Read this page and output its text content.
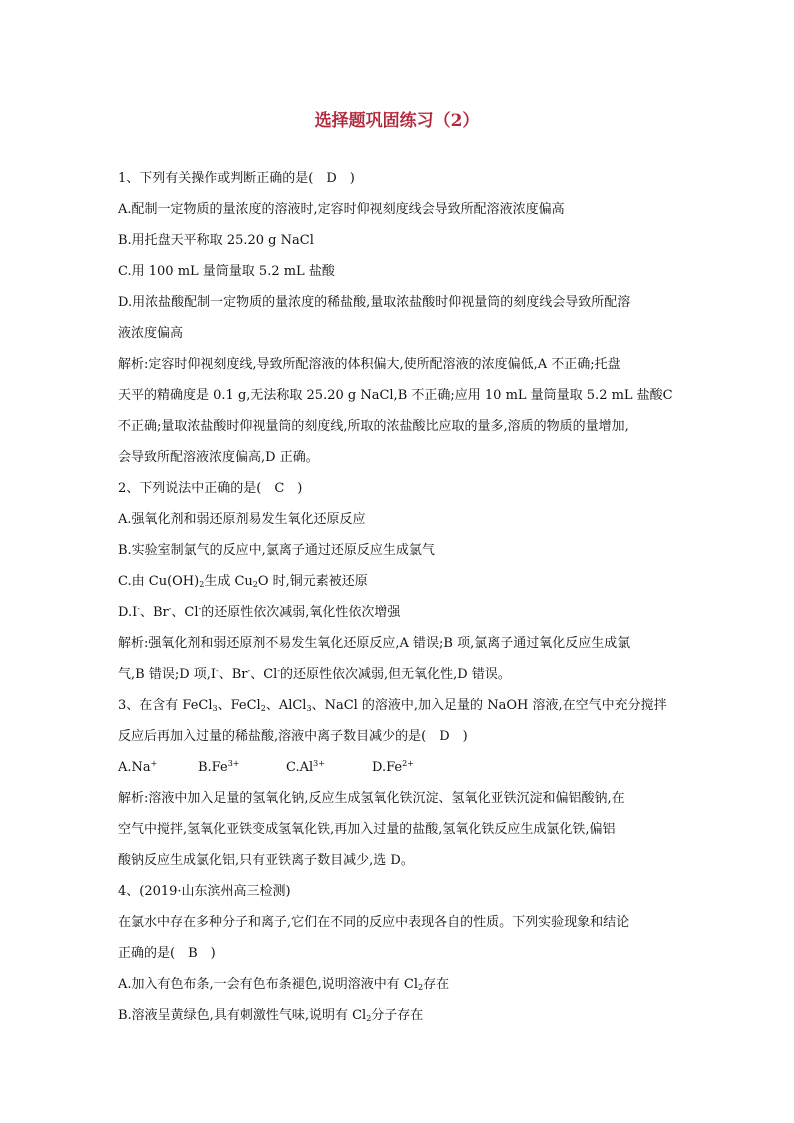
选择题巩固练习（2）

1、下列有关操作或判断正确的是(　D　)

A.配制一定物质的量浓度的溶液时,定容时仰视刻度线会导致所配溶液浓度偏高

B.用托盘天平称取 25.20 g NaCl

C.用 100 mL 量筒量取 5.2 mL 盐酸

D.用浓盐酸配制一定物质的量浓度的稀盐酸,量取浓盐酸时仰视量筒的刻度线会导致所配溶

液浓度偏高

解析:定容时仰视刻度线,导致所配溶液的体积偏大,使所配溶液的浓度偏低,A 不正确;托盘

天平的精确度是 0.1 g,无法称取 25.20 g NaCl,B 不正确;应用 10 mL 量筒量取 5.2 mL 盐酸C

不正确;量取浓盐酸时仰视量筒的刻度线,所取的浓盐酸比应取的量多,溶质的物质的量增加,

会导致所配溶液浓度偏高,D 正确。

2、下列说法中正确的是(　C　)

A.强氧化剂和弱还原剂易发生氧化还原反应

B.实验室制氯气的反应中,氯离子通过还原反应生成氯气

C.由 $Cu(OH)_2$生成 $Cu_2O$ 时,铜元素被还原

D.I-、Br-、Cl-的还原性依次减弱,氧化性依次增强

解析:强氧化剂和弱还原剂不易发生氧化还原反应,A 错误;B 项,氯离子通过氧化反应生成氯

气,B 错误;D 项,I-、Br-、Cl-的还原性依次减弱,但无氧化性,D 错误。

3、在含有 FeCl$_3$、FeCl$_2$、AlCl$_3$、NaCl 的溶液中,加入足量的 NaOH 溶液,在空气中充分搅拌

反应后再加入过量的稀盐酸,溶液中离子数目减少的是(　D　)

A.Na+	$B.Fe^{3+}$	$C.Al^{3+}$	$D.Fe^{2+}$

解析:溶液中加入足量的氢氧化钠,反应生成氢氧化铁沉淀、氢氧化亚铁沉淀和偏铝酸钠,在

空气中搅拌,氢氧化亚铁变成氢氧化铁,再加入过量的盐酸,氢氧化铁反应生成氯化铁,偏铝

酸钠反应生成氯化铝,只有亚铁离子数目减少,选 D。

4、(2019·山东滨州高三检测)

在氯水中存在多种分子和离子,它们在不同的反应中表现各自的性质。下列实验现象和结论

正确的是(　B　)

A.加入有色布条,一会有色布条褪色,说明溶液中有 $Cl_2$存在

B.溶液呈黄绿色,具有刺激性气味,说明有 $Cl_2$分子存在
